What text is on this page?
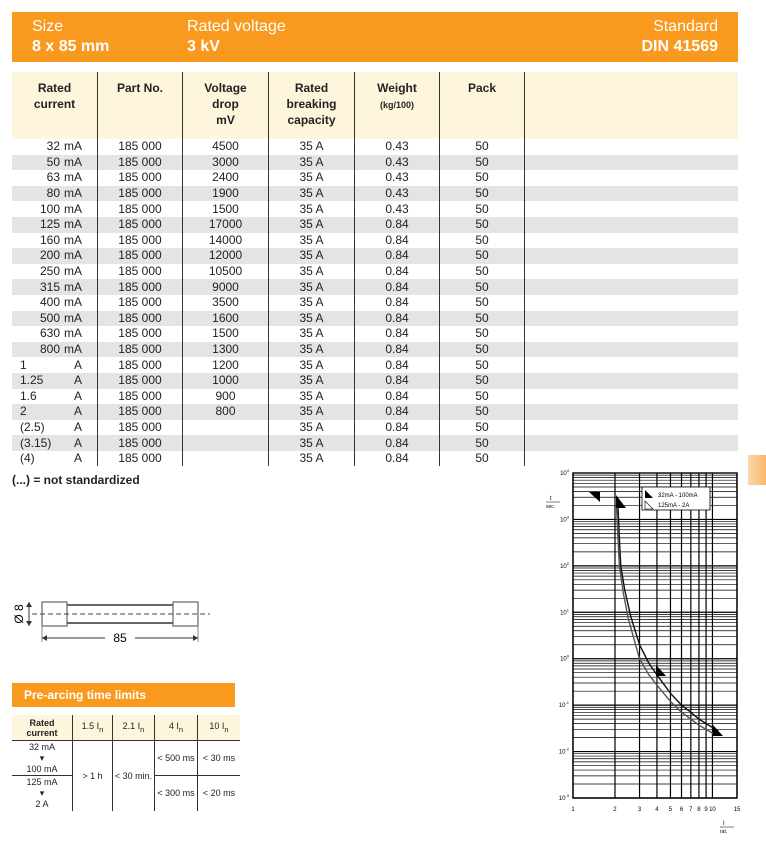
Size
8 x 85 mm
Rated voltage
3 kV
Standard
DIN 41569
Rated
current	Part No.	Voltage
drop
mV	Rated
breaking
capacity	Weight
(kg/100)	Pack	
32 mA	185 000	4500	35 A	0.43	50	
50 mA	185 000	3000	35 A	0.43	50	
63 mA	185 000	2400	35 A	0.43	50	
80 mA	185 000	1900	35 A	0.43	50	
100 mA	185 000	1500	35 A	0.43	50	
125 mA	185 000	17000	35 A	0.84	50	
160 mA	185 000	14000	35 A	0.84	50	
200 mA	185 000	12000	35 A	0.84	50	
250 mA	185 000	10500	35 A	0.84	50	
315 mA	185 000	9000	35 A	0.84	50	
400 mA	185 000	3500	35 A	0.84	50	
500 mA	185 000	1600	35 A	0.84	50	
630 mA	185 000	1500	35 A	0.84	50	
800 mA	185 000	1300	35 A	0.84	50	
1 A	185 000	1200	35 A	0.84	50	
1.25 A	185 000	1000	35 A	0.84	50	
1.6 A	185 000	900	35 A	0.84	50	
2 A	185 000	800	35 A	0.84	50	
(2.5) A	185 000		35 A	0.84	50	
(3.15) A	185 000		35 A	0.84	50	
(4) A	185 000		35 A	0.84	50	
(...) = not standardized
85
Ø 8
Pre-arcing time limits
Rated
current	1.5 $I_n$	2.1 $I_n$	4 $I_n$	10 $I_n$
32 mA
▾
100 mA	> 1 h	< 30 min.	< 500 ms	< 30 ms
125 mA
▾
2 A			< 300 ms	< 20 ms
1	2	3 4 5 6 7 8 9 10	15
$10^4$
$10^3$
$10^2$
$10^1$
$10^0$
$10^{-1}$
$10^{-2}$
$10^{-3}$
t
sec.
I
rat.
32mA - 100mA
125mA - 2A
